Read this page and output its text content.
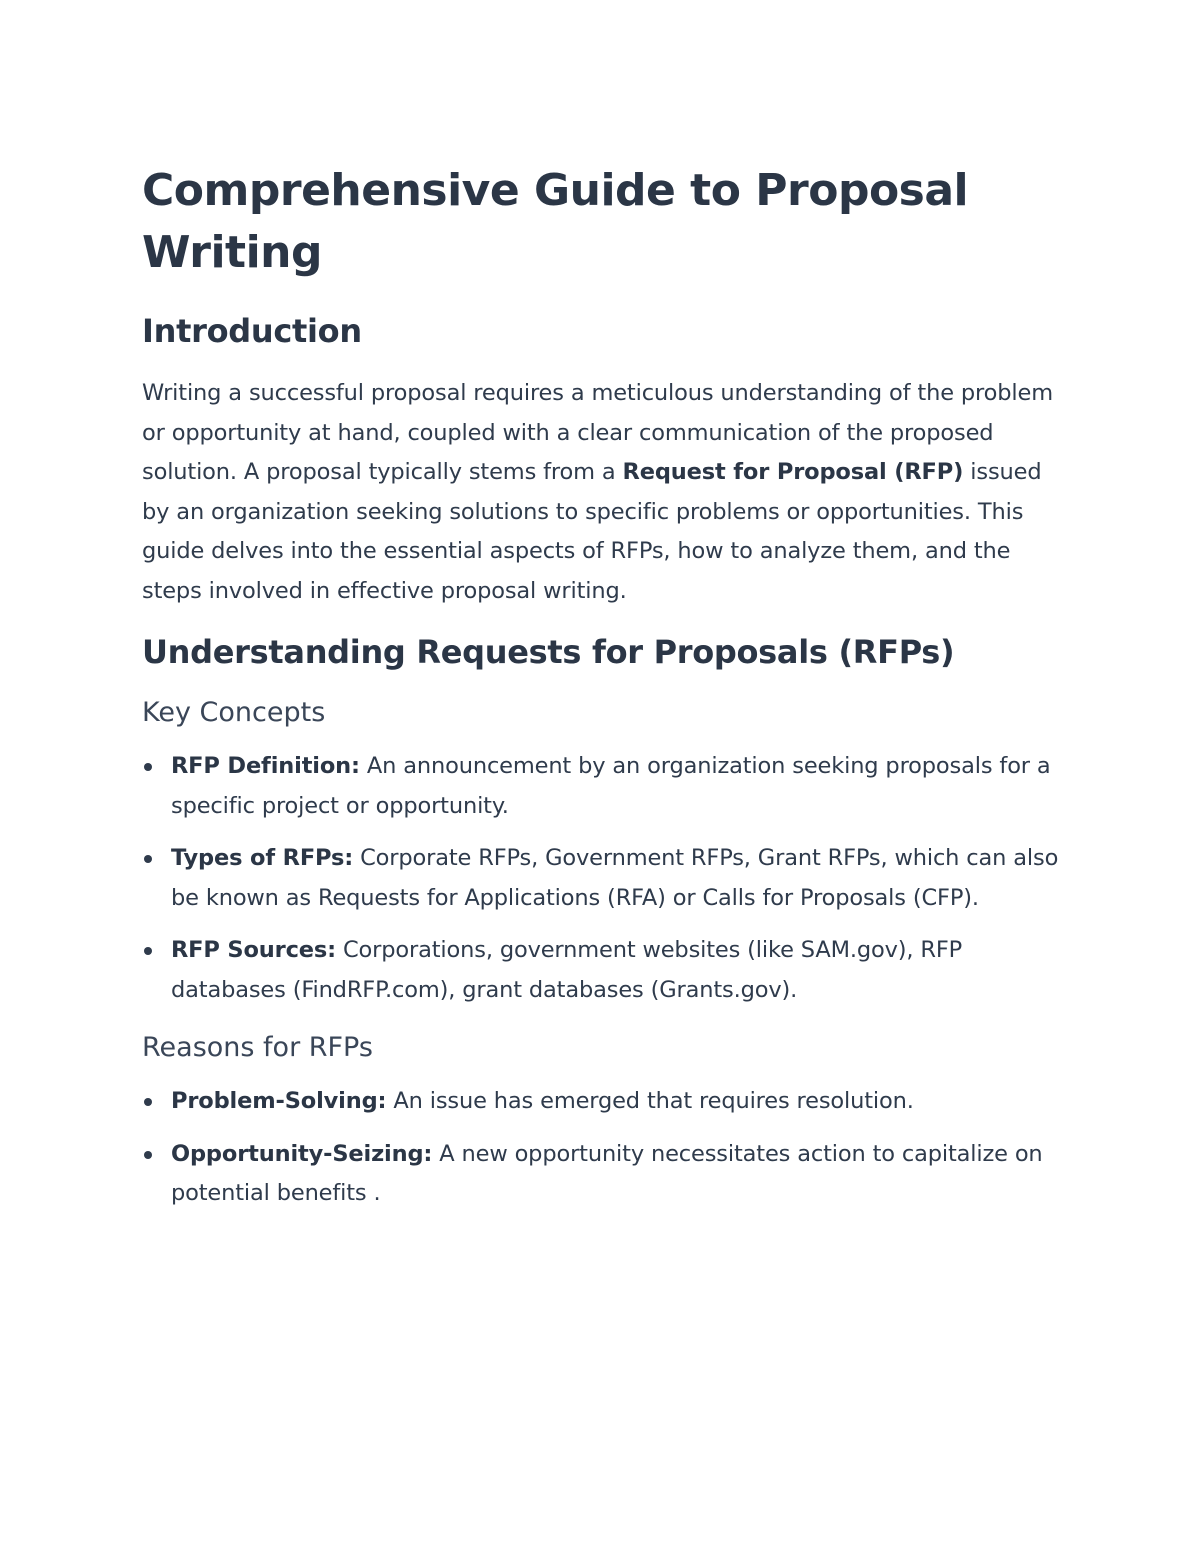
Comprehensive Guide to Proposal Writing
Introduction

Writing a successful proposal requires a meticulous understanding of the problem or opportunity at hand, coupled with a clear communication of the proposed solution. A proposal typically stems from a Request for Proposal (RFP) issued by an organization seeking solutions to specific problems or opportunities. This guide delves into the essential aspects of RFPs, how to analyze them, and the steps involved in effective proposal writing.

Understanding Requests for Proposals (RFPs)
Key Concepts
RFP Definition: An announcement by an organization seeking proposals for a specific project or opportunity.
Types of RFPs: Corporate RFPs, Government RFPs, Grant RFPs, which can also be known as Requests for Applications (RFA) or Calls for Proposals (CFP).
RFP Sources: Corporations, government websites (like SAM.gov), RFP databases (FindRFP.com), grant databases (Grants.gov).
Reasons for RFPs
Problem-Solving: An issue has emerged that requires resolution.
Opportunity-Seizing: A new opportunity necessitates action to capitalize on potential benefits .
